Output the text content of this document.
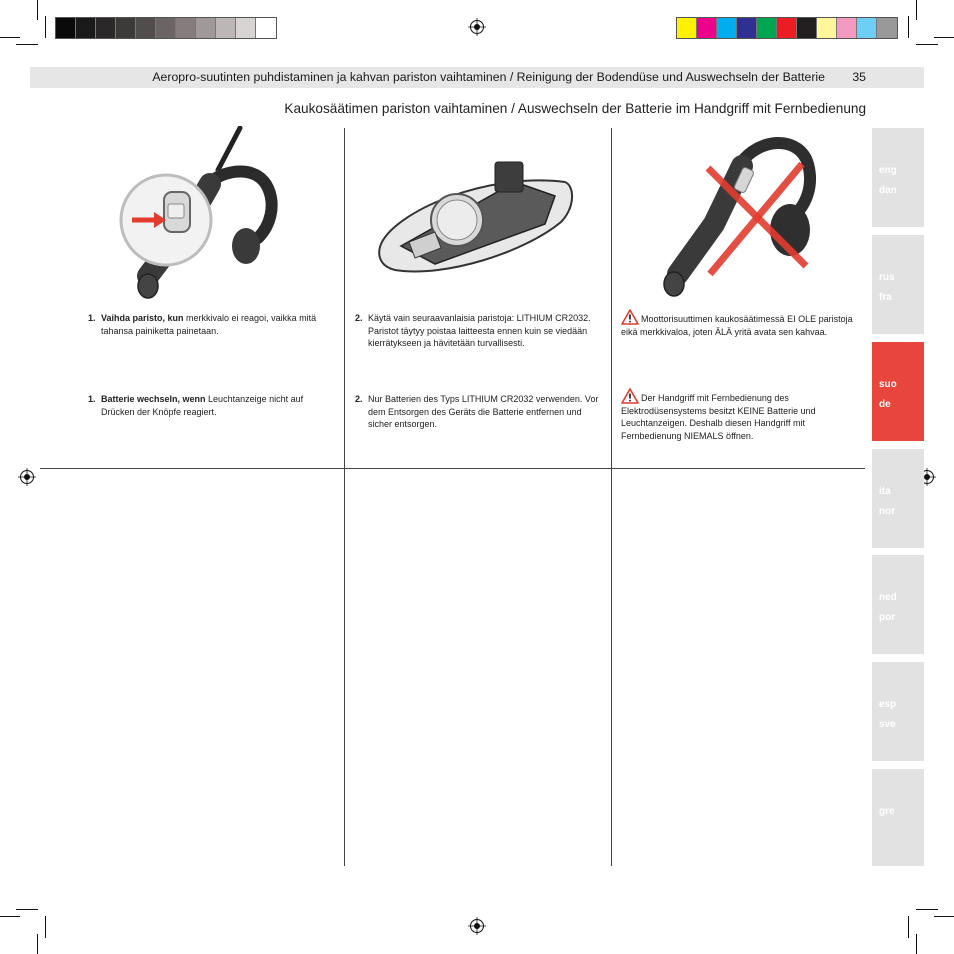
Aeropro-suutinten puhdistaminen ja kahvan pariston vaihtaminen / Reinigung der Bodendüse und Auswechseln der Batterie 35
Kaukosäätimen pariston vaihtaminen / Auswechseln der Batterie im Handgriff mit Fernbedienung
eng
dan
rus
fra
suo
de
ita
nor
ned
por
esp
sve
gre
1. Vaihda paristo, kun merkkivalo ei reagoi, vaikka mitä tahansa painiketta painetaan.
1. Batterie wechseln, wenn Leuchtanzeige nicht auf Drücken der Knöpfe reagiert.
2. Käytä vain seuraavanlaisia paristoja: LITHIUM CR2032. Paristot täytyy poistaa laitteesta ennen kuin se viedään kierrätykseen ja hävitetään turvallisesti.
2. Nur Batterien des Typs LITHIUM CR2032 verwenden. Vor dem Entsorgen des Geräts die Batterie entfernen und sicher entsorgen.
Moottorisuuttimen kaukosäätimessä EI OLE paristoja eikä merkkivaloa, joten ÄLÄ yritä avata sen kahvaa.
Der Handgriff mit Fernbedienung des Elektrodüsensystems besitzt KEINE Batterie und Leuchtanzeigen. Deshalb diesen Handgriff mit Fernbedienung NIEMALS öffnen.
